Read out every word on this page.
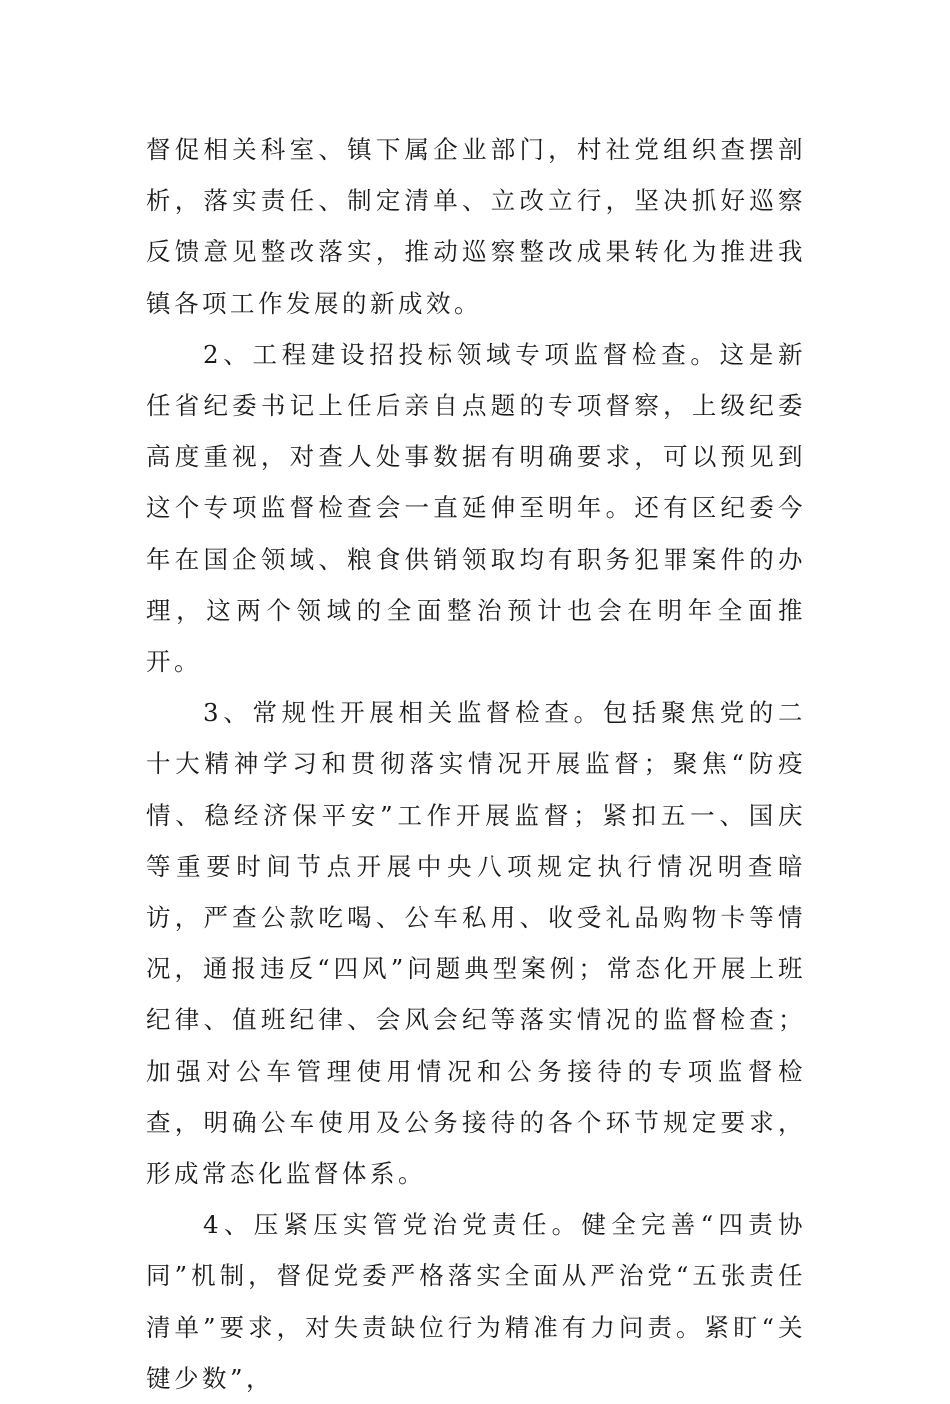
督促相关科室、镇下属企业部门，村社党组织查摆剖析，落实责任、制定清单、立改立行，坚决抓好巡察反馈意见整改落实，推动巡察整改成果转化为推进我镇各项工作发展的新成效。

2、工程建设招投标领域专项监督检查。这是新任省纪委书记上任后亲自点题的专项督察，上级纪委高度重视，对查人处事数据有明确要求，可以预见到这个专项监督检查会一直延伸至明年。还有区纪委今年在国企领域、粮食供销领取均有职务犯罪案件的办理，这两个领域的全面整治预计也会在明年全面推开。

3、常规性开展相关监督检查。包括聚焦党的二十大精神学习和贯彻落实情况开展监督；聚焦“防疫情、稳经济保平安”工作开展监督；紧扣五一、国庆等重要时间节点开展中央八项规定执行情况明查暗访，严查公款吃喝、公车私用、收受礼品购物卡等情况，通报违反“四风”问题典型案例；常态化开展上班纪律、值班纪律、会风会纪等落实情况的监督检查；加强对公车管理使用情况和公务接待的专项监督检查，明确公车使用及公务接待的各个环节规定要求，形成常态化监督体系。

4、压紧压实管党治党责任。健全完善“四责协同”机制，督促党委严格落实全面从严治党“五张责任清单”要求，对失责缺位行为精准有力问责。紧盯“关键少数”，
